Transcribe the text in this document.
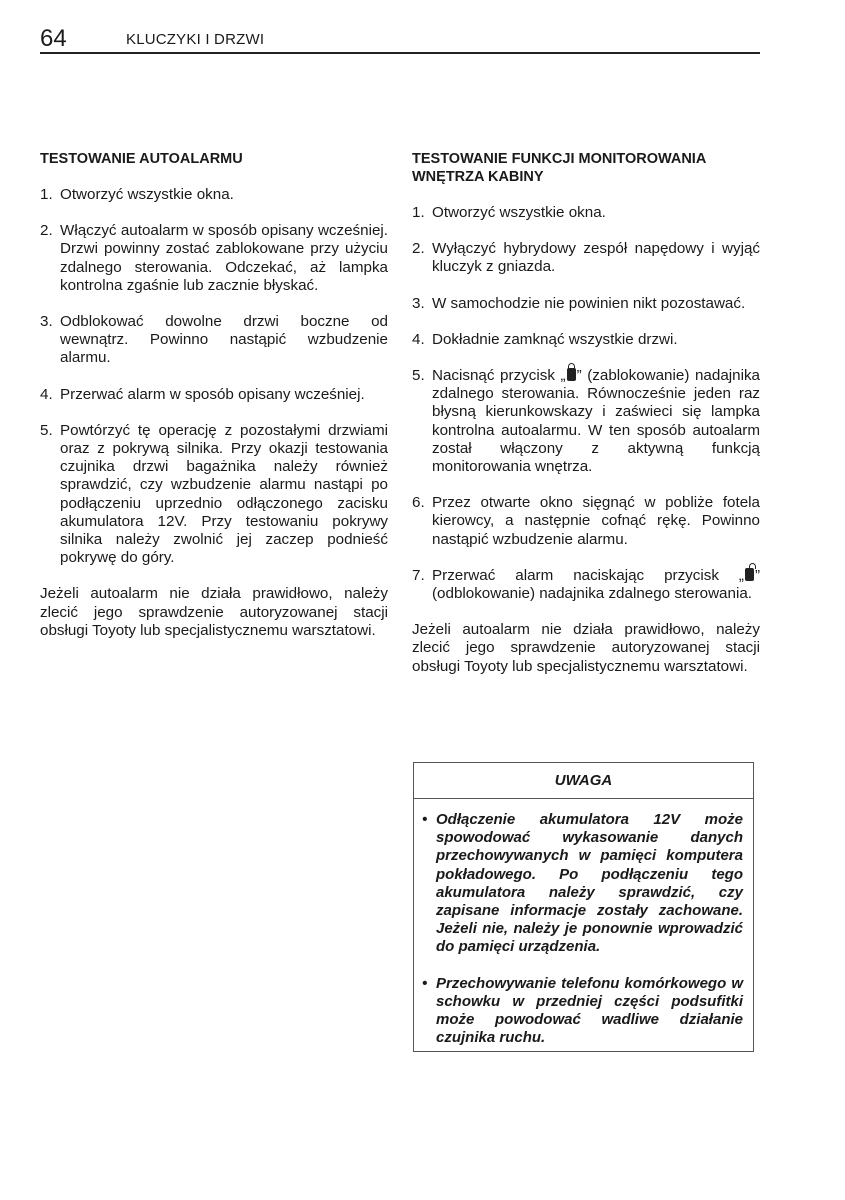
64	KLUCZYKI I DRZWI
TESTOWANIE AUTOALARMU
1. Otworzyć wszystkie okna.
2. Włączyć autoalarm w sposób opisany wcześniej. Drzwi powinny zostać zablokowane przy użyciu zdalnego sterowania. Odczekać, aż lampka kontrolna zgaśnie lub zacznie błyskać.
3. Odblokować dowolne drzwi boczne od wewnątrz. Powinno nastąpić wzbudzenie alarmu.
4. Przerwać alarm w sposób opisany wcześniej.
5. Powtórzyć tę operację z pozostałymi drzwiami oraz z pokrywą silnika. Przy okazji testowania czujnika drzwi bagażnika należy również sprawdzić, czy wzbudzenie alarmu nastąpi po podłączeniu uprzednio odłączonego zacisku akumulatora 12V. Przy testowaniu pokrywy silnika należy zwolnić jej zaczep podnieść pokrywę do góry.
Jeżeli autoalarm nie działa prawidłowo, należy zlecić jego sprawdzenie autoryzowanej stacji obsługi Toyoty lub specjalistycznemu warsztatowi.
TESTOWANIE FUNKCJI MONITOROWANIA WNĘTRZA KABINY
1. Otworzyć wszystkie okna.
2. Wyłączyć hybrydowy zespół napędowy i wyjąć kluczyk z gniazda.
3. W samochodzie nie powinien nikt pozostawać.
4. Dokładnie zamknąć wszystkie drzwi.
5. Nacisnąć przycisk „ ” (zablokowanie) nadajnika zdalnego sterowania. Równocześnie jeden raz błysną kierunkowskazy i zaświeci się lampka kontrolna autoalarmu. W ten sposób autoalarm został włączony z aktywną funkcją monitorowania wnętrza.
6. Przez otwarte okno sięgnąć w pobliże fotela kierowcy, a następnie cofnąć rękę. Powinno nastąpić wzbudzenie alarmu.
7. Przerwać alarm naciskając przycisk „ ” (odblokowanie) nadajnika zdalnego sterowania.
Jeżeli autoalarm nie działa prawidłowo, należy zlecić jego sprawdzenie autoryzowanej stacji obsługi Toyoty lub specjalistycznemu warsztatowi.
UWAGA
• Odłączenie akumulatora 12V może spowodować wykasowanie danych przechowywanych w pamięci komputera pokładowego. Po podłączeniu tego akumulatora należy sprawdzić, czy zapisane informacje zostały zachowane. Jeżeli nie, należy je ponownie wprowadzić do pamięci urządzenia.
• Przechowywanie telefonu komórkowego w schowku w przedniej części podsufitki może powodować wadliwe działanie czujnika ruchu.
